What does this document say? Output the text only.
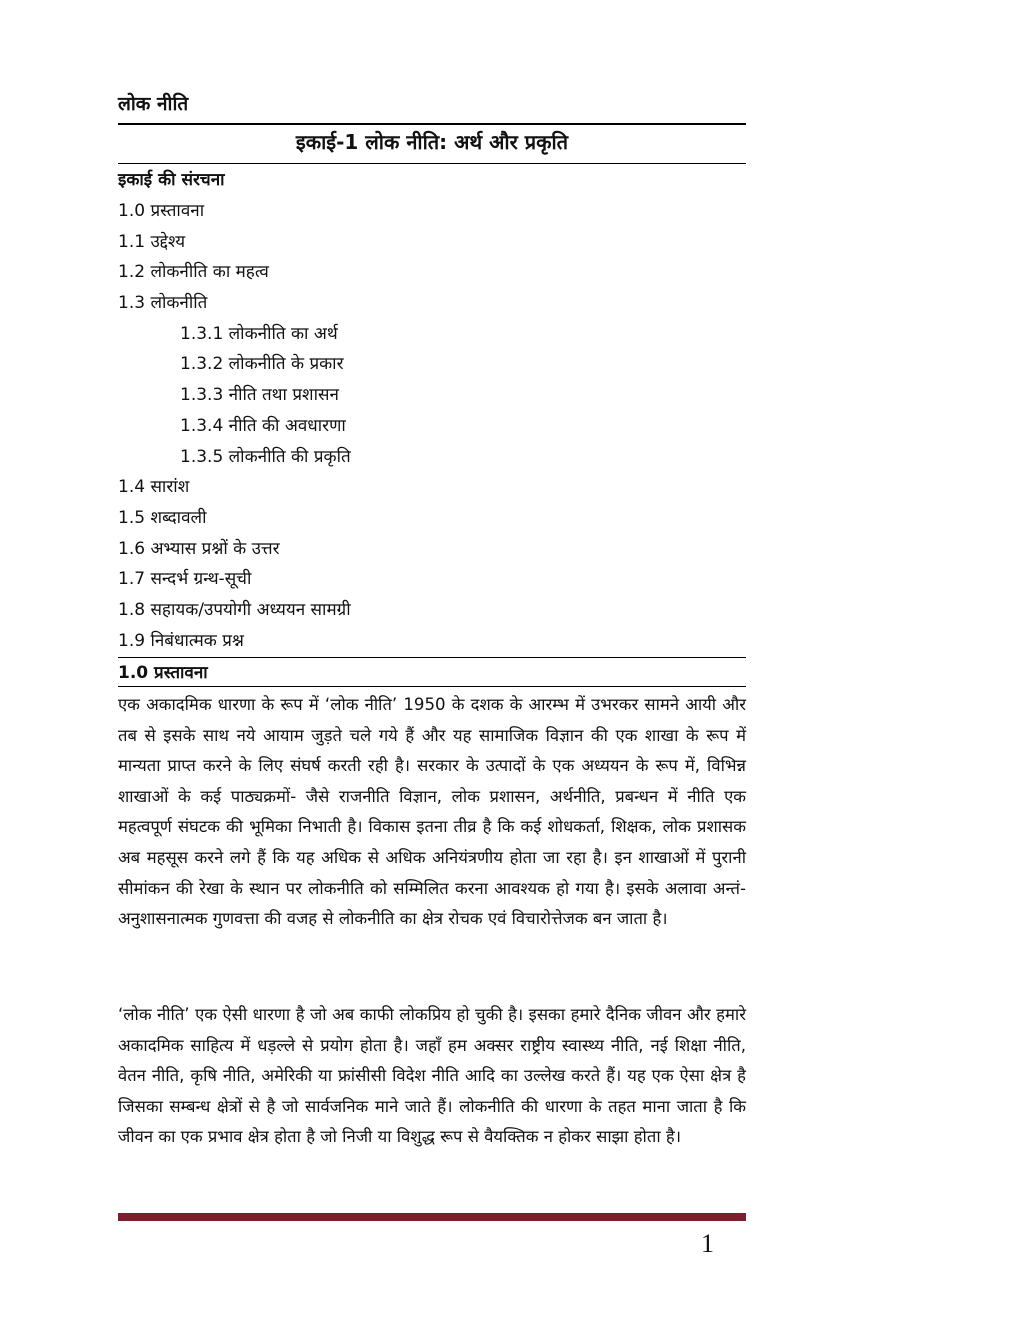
लोक नीति
इकाई-1 लोक नीति: अर्थ और प्रकृति
इकाई की संरचना
1.0 प्रस्तावना
1.1 उद्देश्य
1.2 लोकनीति का महत्व
1.3 लोकनीति
1.3.1 लोकनीति का अर्थ
1.3.2 लोकनीति के प्रकार
1.3.3 नीति तथा प्रशासन
1.3.4 नीति की अवधारणा
1.3.5 लोकनीति की प्रकृति
1.4 सारांश
1.5 शब्दावली
1.6 अभ्यास प्रश्नों के उत्तर
1.7 सन्दर्भ ग्रन्थ-सूची
1.8 सहायक/उपयोगी अध्ययन सामग्री
1.9 निबंधात्मक प्रश्न
1.0 प्रस्तावना

एक अकादमिक धारणा के रूप में ‘लोक नीति’ 1950 के दशक के आरम्भ में उभरकर सामने आयी और तब से इसके साथ नये आयाम जुड़ते चले गये हैं और यह सामाजिक विज्ञान की एक शाखा के रूप में मान्यता प्राप्त करने के लिए संघर्ष करती रही है। सरकार के उत्पादों के एक अध्ययन के रूप में, विभिन्न शाखाओं के कई पाठ्यक्रमों- जैसे राजनीति विज्ञान, लोक प्रशासन, अर्थनीति, प्रबन्धन में नीति एक महत्वपूर्ण संघटक की भूमिका निभाती है। विकास इतना तीव्र है कि कई शोधकर्ता, शिक्षक, लोक प्रशासक अब महसूस करने लगे हैं कि यह अधिक से अधिक अनियंत्रणीय होता जा रहा है। इन शाखाओं में पुरानी सीमांकन की रेखा के स्थान पर लोकनीति को सम्मिलित करना आवश्यक हो गया है। इसके अलावा अन्तं-अनुशासनात्मक गुणवत्ता की वजह से लोकनीति का क्षेत्र रोचक एवं विचारोत्तेजक बन जाता है।

‘लोक नीति’ एक ऐसी धारणा है जो अब काफी लोकप्रिय हो चुकी है। इसका हमारे दैनिक जीवन और हमारे अकादमिक साहित्य में धड़ल्ले से प्रयोग होता है। जहाँ हम अक्सर राष्ट्रीय स्वास्थ्य नीति, नई शिक्षा नीति, वेतन नीति, कृषि नीति, अमेरिकी या फ्रांसीसी विदेश नीति आदि का उल्लेख करते हैं। यह एक ऐसा क्षेत्र है जिसका सम्बन्ध क्षेत्रों से है जो सार्वजनिक माने जाते हैं। लोकनीति की धारणा के तहत माना जाता है कि जीवन का एक प्रभाव क्षेत्र होता है जो निजी या विशुद्ध रूप से वैयक्तिक न होकर साझा होता है।

1
